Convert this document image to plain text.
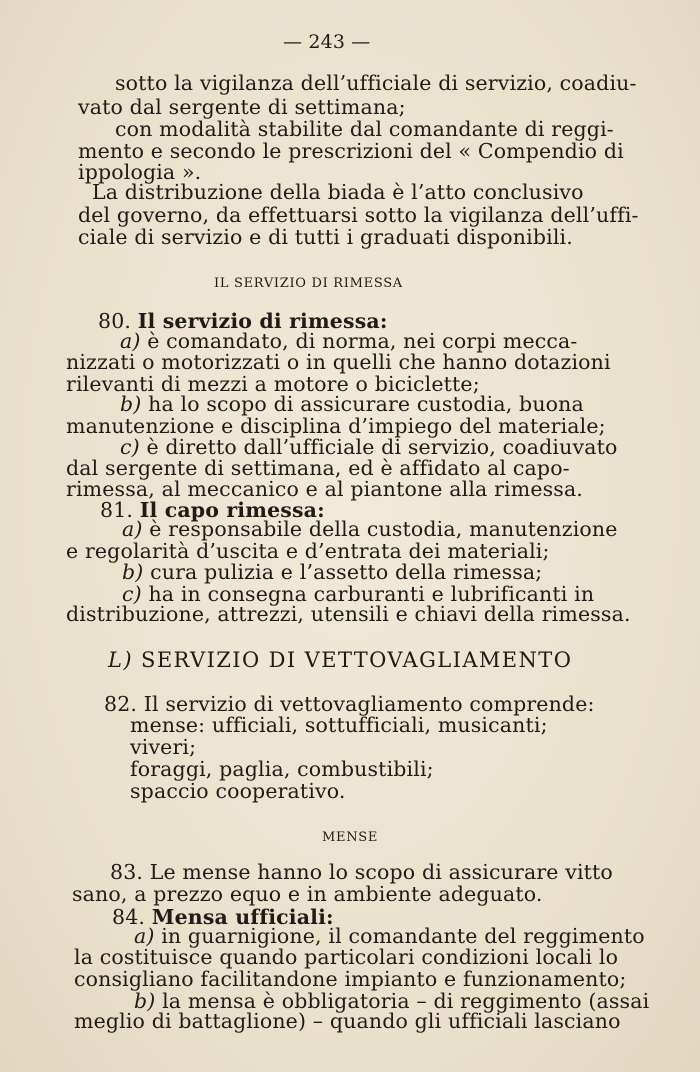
— 243 —
sotto la vigilanza dell’ufficiale di servizio, coadiu-
vato dal sergente di settimana;
con modalità stabilite dal comandante di reggi-
mento e secondo le prescrizioni del « Compendio di
ippologia ».
La distribuzione della biada è l’atto conclusivo
del governo, da effettuarsi sotto la vigilanza dell’uffi-
ciale di servizio e di tutti i graduati disponibili.
IL SERVIZIO DI RIMESSA
80. Il servizio di rimessa:
a) è comandato, di norma, nei corpi mecca-
nizzati o motorizzati o in quelli che hanno dotazioni
rilevanti di mezzi a motore o biciclette;
b) ha lo scopo di assicurare custodia, buona
manutenzione e disciplina d’impiego del materiale;
c) è diretto dall’ufficiale di servizio, coadiuvato
dal sergente di settimana, ed è affidato al capo-
rimessa, al meccanico e al piantone alla rimessa.
81. Il capo rimessa:
a) è responsabile della custodia, manutenzione
e regolarità d’uscita e d’entrata dei materiali;
b) cura pulizia e l’assetto della rimessa;
c) ha in consegna carburanti e lubrificanti in
distribuzione, attrezzi, utensili e chiavi della rimessa.
L) SERVIZIO DI VETTOVAGLIAMENTO
82. Il servizio di vettovagliamento comprende:
mense: ufficiali, sottufficiali, musicanti;
viveri;
foraggi, paglia, combustibili;
spaccio cooperativo.
MENSE
83. Le mense hanno lo scopo di assicurare vitto
sano, a prezzo equo e in ambiente adeguato.
84. Mensa ufficiali:
a) in guarnigione, il comandante del reggimento
la costituisce quando particolari condizioni locali lo
consigliano facilitandone impianto e funzionamento;
b) la mensa è obbligatoria – di reggimento (assai
meglio di battaglione) – quando gli ufficiali lasciano
